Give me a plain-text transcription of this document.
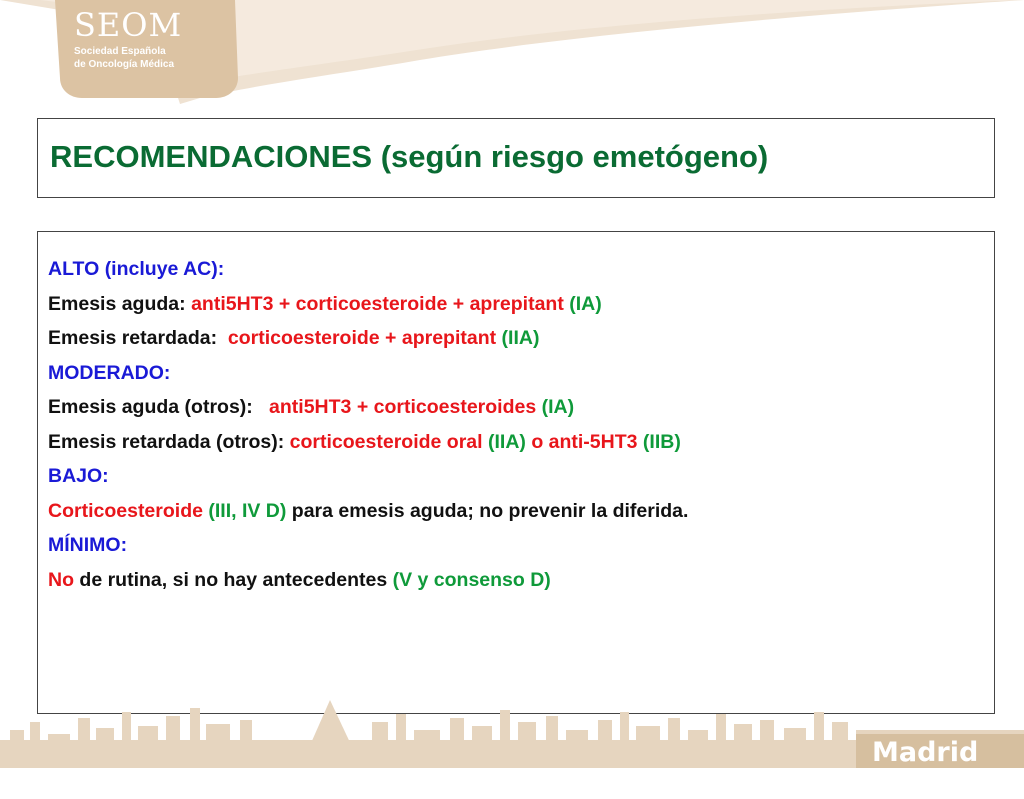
SEOM
Sociedad Española
de Oncología Médica
RECOMENDACIONES (según riesgo emetógeno)
ALTO (incluye AC):
Emesis aguda: anti5HT3 + corticoesteroide + aprepitant (IA)
Emesis retardada:  corticoesteroide + aprepitant (IIA)
MODERADO:
Emesis aguda (otros):   anti5HT3 + corticoesteroides (IA)
Emesis retardada (otros): corticoesteroide oral (IIA) o anti-5HT3 (IIB)
BAJO:
Corticoesteroide (III, IV D) para emesis aguda; no prevenir la diferida.
MÍNIMO:
No de rutina, si no hay antecedentes (V y consenso D)
Madrid 2010
